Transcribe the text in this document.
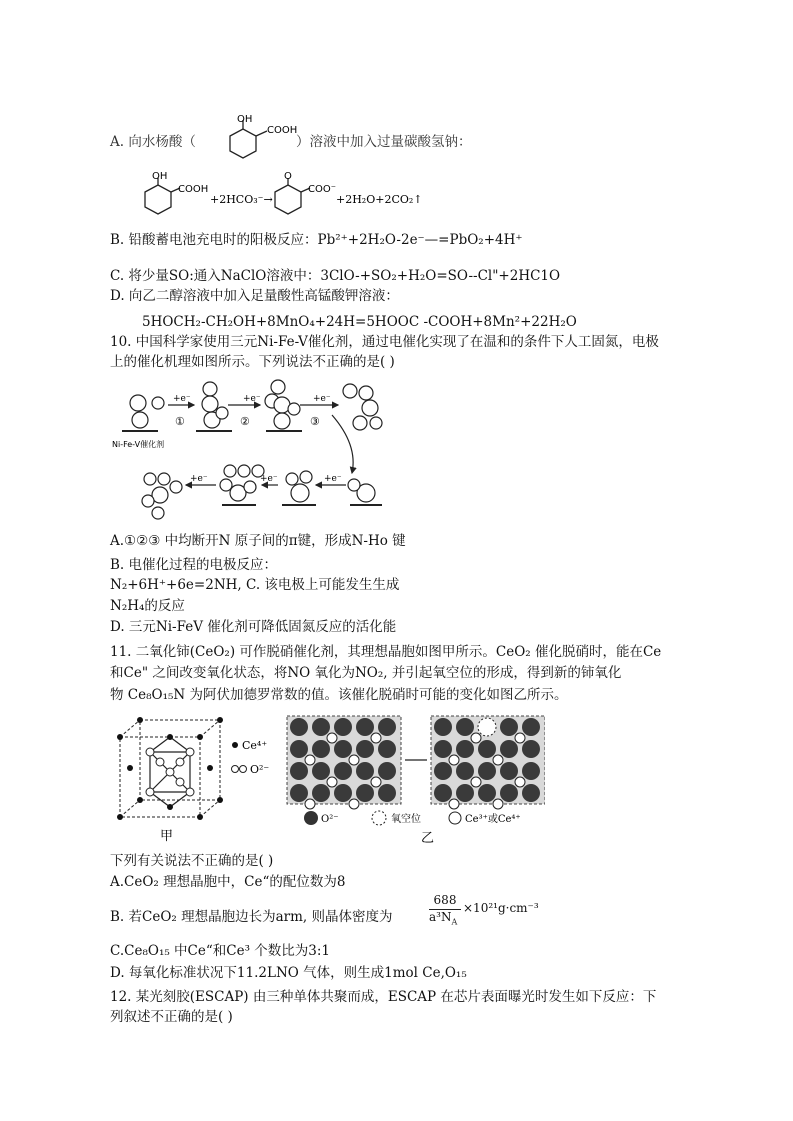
A. 向水杨酸（
OH
COOH
）溶液中加入过量碳酸氢钠：
OH
COOH
+2HCO₃⁻→
O
COO⁻
+2H₂O+2CO₂↑
B. 铅酸蓄电池充电时的阳极反应：Pb²⁺+2H₂O-2e⁻—=PbO₂+4H⁺
C. 将少量SO:通入NaClO溶液中：3ClO-+SO₂+H₂O=SO--Cl"+2HC1O
D. 向乙二醇溶液中加入足量酸性高锰酸钾溶液：
5HOCH₂-CH₂OH+8MnO₄+24H=5HOOC -COOH+8Mn²+22H₂O
10. 中国科学家使用三元Ni-Fe-V催化剂，通过电催化实现了在温和的条件下人工固氮，电极
上的催化机理如图所示。下列说法不正确的是( )
Ni-Fe-V催化剂
+e⁻
①
+e⁻
②
+e⁻
③
+e⁻
+e⁻
+e⁻
A.①②③ 中均断开N 原子间的π键，形成N-Ho 键
B. 电催化过程的电极反应：
N₂+6H⁺+6e=2NH, C. 该电极上可能发生生成
N₂H₄的反应
D. 三元Ni-FeV 催化剂可降低固氮反应的活化能
11. 二氧化铈(CeO₂) 可作脱硝催化剂，其理想晶胞如图甲所示。CeO₂ 催化脱硝时，能在Ce
和Ce" 之间改变氧化状态，将NO 氧化为NO₂, 并引起氧空位的形成，得到新的铈氧化
物 Ce₈O₁₅N 为阿伏加德罗常数的值。该催化脱硝时可能的变化如图乙所示。
Ce⁴⁺
O²⁻
甲
O²⁻	氧空位	Ce³⁺或Ce⁴⁺
乙
下列有关说法不正确的是( )
A.CeO₂ 理想晶胞中，Ce“的配位数为8
B. 若CeO₂ 理想晶胞边长为arm, 则晶体密度为
688
$a^3N_A$
×10²¹g·cm⁻³
C.Ce₈O₁₅ 中Ce“和Ce³ 个数比为3:1
D. 每氧化标准状况下11.2LNO 气体，则生成1mol Ce,O₁₅
12. 某光刻胶(ESCAP) 由三种单体共聚而成，ESCAP 在芯片表面曝光时发生如下反应：下
列叙述不正确的是( )
